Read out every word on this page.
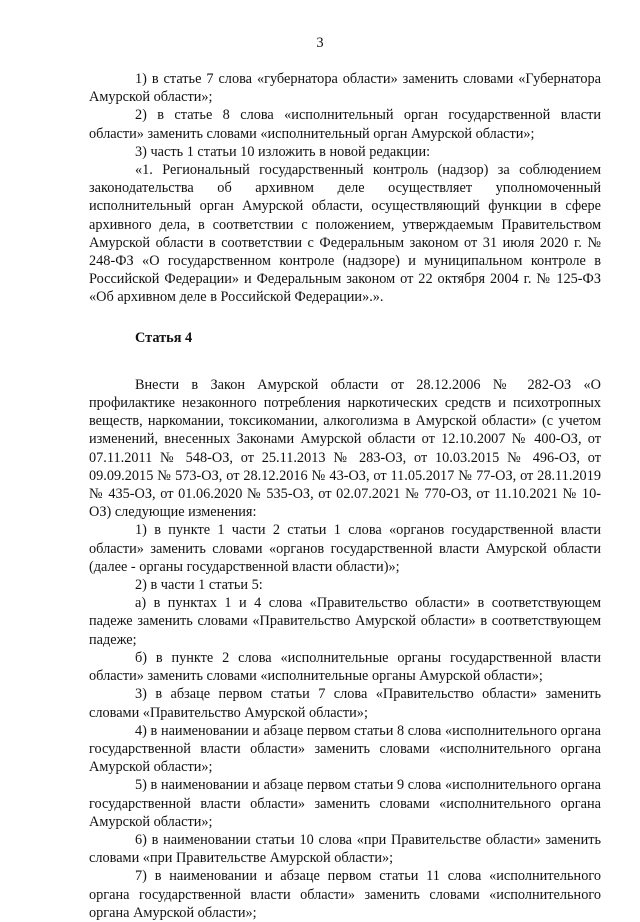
3

1) в статье 7 слова «губернатора области» заменить словами «Губернатора Амурской области»;

2) в статье 8 слова «исполнительный орган государственной власти области» заменить словами «исполнительный орган Амурской области»;

3) часть 1 статьи 10 изложить в новой редакции:

«1. Региональный государственный контроль (надзор) за соблюдением законодательства об архивном деле осуществляет уполномоченный исполнительный орган Амурской области, осуществляющий функции в сфере архивного дела, в соответствии с положением, утверждаемым Правительством Амурской области в соответствии с Федеральным законом от 31 июля 2020 г. № 248-ФЗ «О государственном контроле (надзоре) и муниципальном контроле в Российской Федерации» и Федеральным законом от 22 октября 2004 г. № 125-ФЗ «Об архивном деле в Российской Федерации».».

Статья 4

Внести в Закон Амурской области от 28.12.2006 № 282-ОЗ «О профилактике незаконного потребления наркотических средств и психотропных веществ, наркомании, токсикомании, алкоголизма в Амурской области» (с учетом изменений, внесенных Законами Амурской области от 12.10.2007 № 400-ОЗ, от 07.11.2011 № 548-ОЗ, от 25.11.2013 № 283-ОЗ, от 10.03.2015 № 496-ОЗ, от 09.09.2015 № 573-ОЗ, от 28.12.2016 № 43-ОЗ, от 11.05.2017 № 77-ОЗ, от 28.11.2019 № 435-ОЗ, от 01.06.2020 № 535-ОЗ, от 02.07.2021 № 770-ОЗ, от 11.10.2021 № 10-ОЗ) следующие изменения:

1) в пункте 1 части 2 статьи 1 слова «органов государственной власти области» заменить словами «органов государственной власти Амурской области (далее - органы государственной власти области)»;

2) в части 1 статьи 5:

а) в пунктах 1 и 4 слова «Правительство области» в соответствующем падеже заменить словами «Правительство Амурской области» в соответствующем падеже;

б) в пункте 2 слова «исполнительные органы государственной власти области» заменить словами «исполнительные органы Амурской области»;

3) в абзаце первом статьи 7 слова «Правительство области» заменить словами «Правительство Амурской области»;

4) в наименовании и абзаце первом статьи 8 слова «исполнительного органа государственной власти области» заменить словами «исполнительного органа Амурской области»;

5) в наименовании и абзаце первом статьи 9 слова «исполнительного органа государственной власти области» заменить словами «исполнительного органа Амурской области»;

6) в наименовании статьи 10 слова «при Правительстве области» заменить словами «при Правительстве Амурской области»;

7) в наименовании и абзаце первом статьи 11 слова «исполнительного органа государственной власти области» заменить словами «исполнительного органа Амурской области»;
